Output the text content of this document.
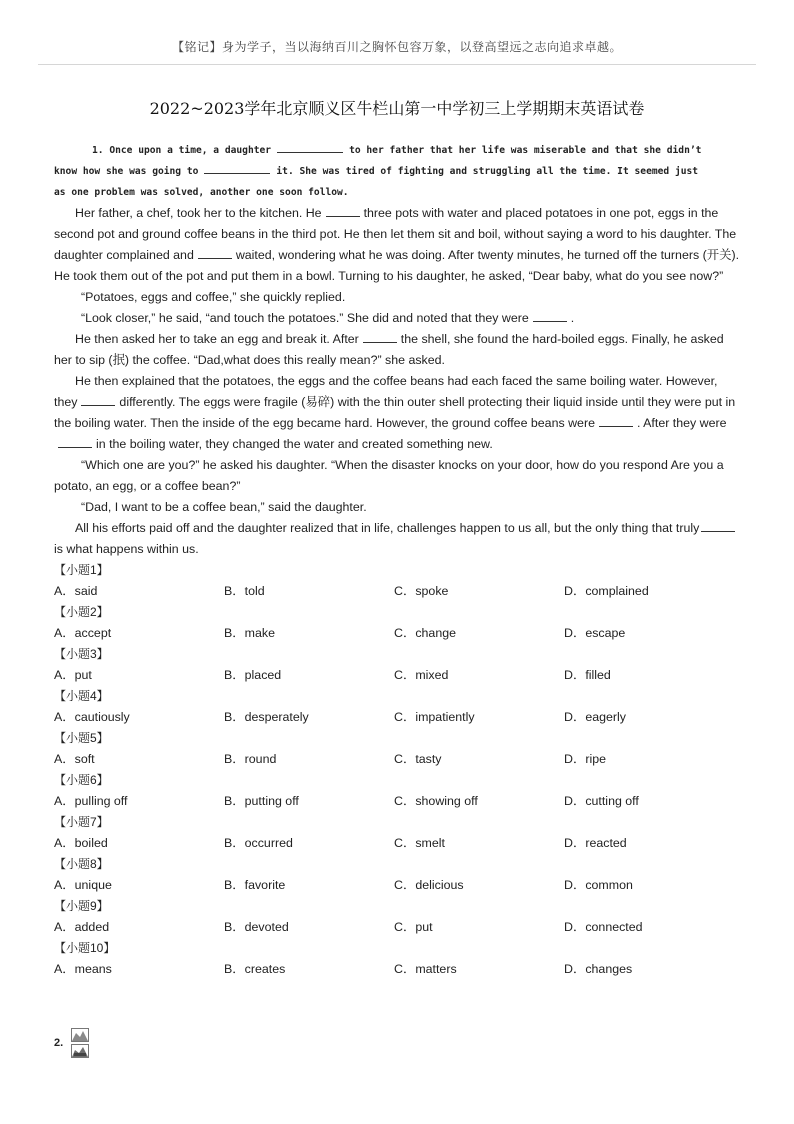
【铭记】身为学子，当以海纳百川之胸怀包容万象，以登高望远之志向追求卓越。
2022~2023学年北京顺义区牛栏山第一中学初三上学期期末英语试卷

1. Once upon a time, a daughter	to her father that her life was miserable and that she didn’t

know how she was going to	it. She was tired of fighting and struggling all the time. It seemed just

as one problem was solved, another one soon follow.

Her father, a chef, took her to the kitchen. He	three pots with water and placed potatoes in one pot, eggs in the second pot and ground coffee beans in the third pot. He then let them sit and boil, without saying a word to his daughter. The daughter complained and	waited, wondering what he was doing. After twenty minutes, he turned off the turners (开关). He took them out of the pot and put them in a bowl. Turning to his daughter, he asked, “Dear baby, what do you see now?”

“Potatoes, eggs and coffee,” she quickly replied.

“Look closer,” he said, “and touch the potatoes.” She did and noted that they were	.

He then asked her to take an egg and break it. After	the shell, she found the hard-boiled eggs. Finally, he asked her to sip (抿) the coffee. “Dad,what does this really mean?” she asked.

He then explained that the potatoes, the eggs and the coffee beans had each faced the same boiling water. However, they	differently. The eggs were fragile (易碎) with the thin outer shell protecting their liquid inside until they were put in the boiling water. Then the inside of the egg became hard. However, the ground coffee beans were	. After they werein the boiling water, they changed the water and created something new.

“Which one are you?” he asked his daughter. “When the disaster knocks on your door, how do you respond Are you a potato, an egg, or a coffee bean?”

“Dad, I want to be a coffee bean,” said the daughter.

All his efforts paid off and the daughter realized that in life, challenges happen to us all, but the only thing that trulyis what happens within us.

【小题1】
A．said	B．told	C．spoke	D．complained
【小题2】
A．accept	B．make	C．change	D．escape
【小题3】
A．put	B．placed	C．mixed	D．filled
【小题4】
A．cautiously	B．desperately	C．impatiently	D．eagerly
【小题5】
A．soft	B．round	C．tasty	D．ripe
【小题6】
A．pulling off	B．putting off	C．showing off	D．cutting off
【小题7】
A．boiled	B．occurred	C．smelt	D．reacted
【小题8】
A．unique	B．favorite	C．delicious	D．common
【小题9】
A．added	B．devoted	C．put	D．connected
【小题10】
A．means	B．creates	C．matters	D．changes
2.
